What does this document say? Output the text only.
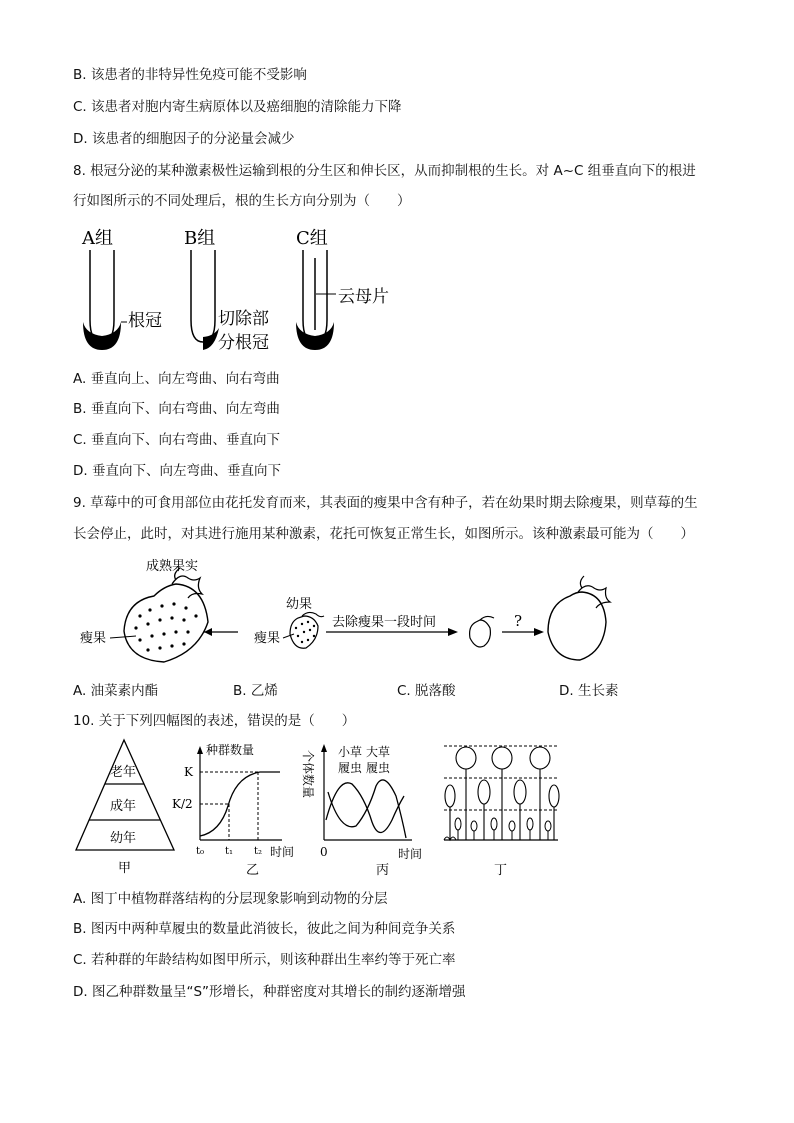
B. 该患者的非特异性免疫可能不受影响
C. 该患者对胞内寄生病原体以及癌细胞的清除能力下降
D. 该患者的细胞因子的分泌量会减少
8. 根冠分泌的某种激素极性运输到根的分生区和伸长区，从而抑制根的生长。对 A~C 组垂直向下的根进
行如图所示的不同处理后，根的生长方向分别为（　　）
A组
根冠
B组
切除部
分根冠
C组
云母片
A. 垂直向上、向左弯曲、向右弯曲
B. 垂直向下、向右弯曲、向左弯曲
C. 垂直向下、向右弯曲、垂直向下
D. 垂直向下、向左弯曲、垂直向下
9. 草莓中的可食用部位由花托发育而来，其表面的瘦果中含有种子，若在幼果时期去除瘦果，则草莓的生
长会停止，此时，对其进行施用某种激素，花托可恢复正常生长，如图所示。该种激素最可能为（　　）
成熟果实
瘦果
幼果
瘦果
去除瘦果一段时间	?
A. 油菜素内酯	B. 乙烯	C. 脱落酸	D. 生长素
10. 关于下列四幅图的表述，错误的是（　　）
老年
成年
幼年
甲
种群数量
K
K/2
t₀ t₁ t₂ 时间
乙
个体数量 小草 大草
履虫 履虫
0	时间
丙	丁
A. 图丁中植物群落结构的分层现象影响到动物的分层
B. 图丙中两种草履虫的数量此消彼长，彼此之间为种间竞争关系
C. 若种群的年龄结构如图甲所示，则该种群出生率约等于死亡率
D. 图乙种群数量呈“S”形增长，种群密度对其增长的制约逐渐增强
